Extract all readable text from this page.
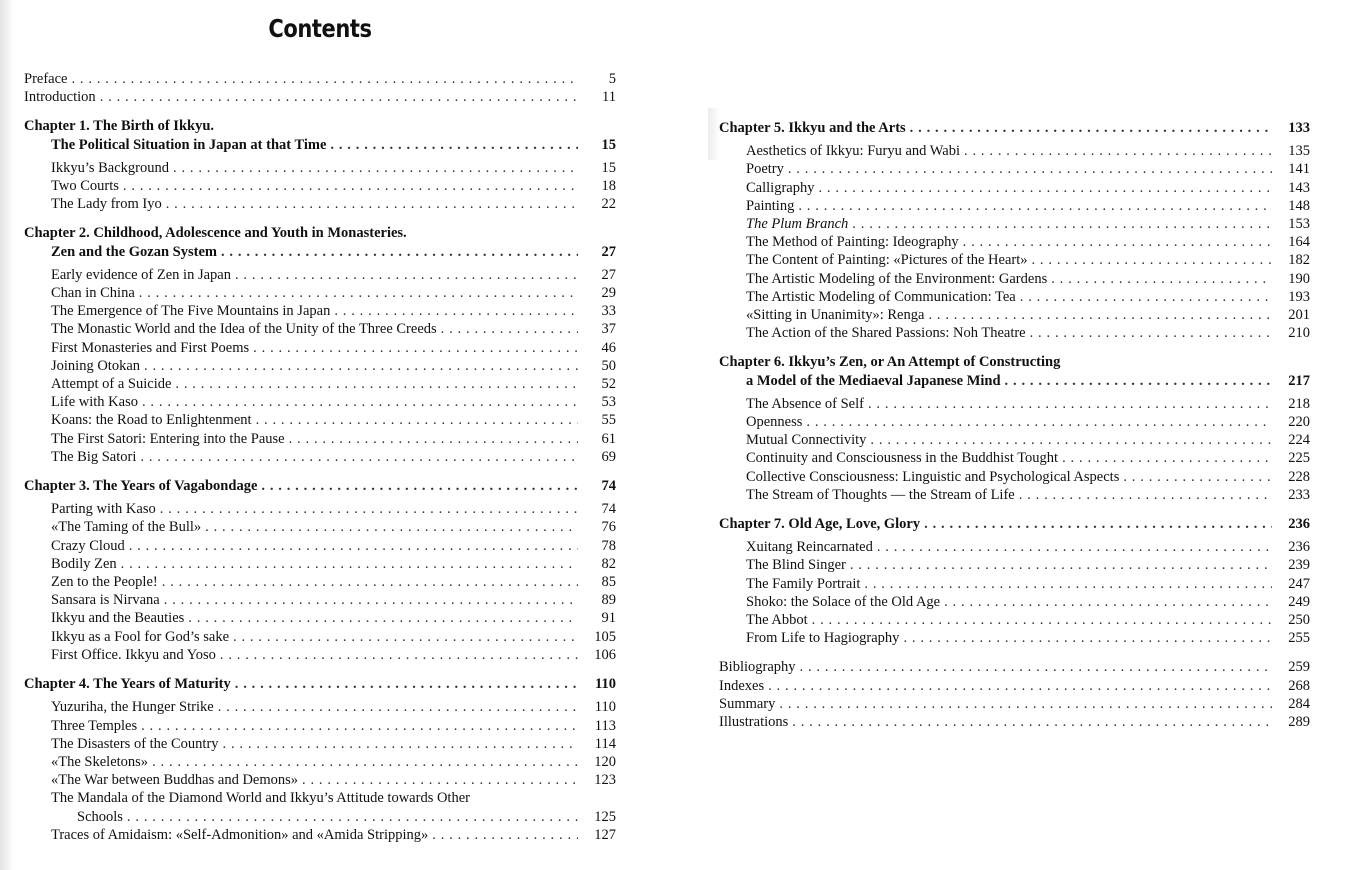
Contents
Preface . . .	5
Introduction . . .	11
Chapter 1. The Birth of Ikkyu.
The Political Situation in Japan at that Time . . .	15
Ikkyu’s Background . . .	15
Two Courts . . .	18
The Lady from Iyo . . .	22
Chapter 2. Childhood, Adolescence and Youth in Monasteries.
Zen and the Gozan System . . .	27
Early evidence of Zen in Japan . . .	27
Chan in China . . .	29
The Emergence of The Five Mountains in Japan . . .	33
The Monastic World and the Idea of the Unity of the Three Creeds . . .	37
First Monasteries and First Poems . . .	46
Joining Otokan . . .	50
Attempt of a Suicide . . .	52
Life with Kaso . . .	53
Koans: the Road to Enlightenment . . .	55
The First Satori: Entering into the Pause . . .	61
The Big Satori . . .	69
Chapter 3. The Years of Vagabondage . . .	74
Parting with Kaso . . .	74
«The Taming of the Bull» . . .	76
Crazy Cloud . . .	78
Bodily Zen . . .	82
Zen to the People! . . .	85
Sansara is Nirvana . . .	89
Ikkyu and the Beauties . . .	91
Ikkyu as a Fool for God’s sake . . .	105
First Office. Ikkyu and Yoso . . .	106
Chapter 4. The Years of Maturity . . .	110
Yuzuriha, the Hunger Strike . . .	110
Three Temples . . .	113
The Disasters of the Country . . .	114
«The Skeletons» . . .	120
«The War between Buddhas and Demons» . . .	123
The Mandala of the Diamond World and Ikkyu’s Attitude towards Other
Schools . . .	125
Traces of Amidaism: «Self-Admonition» and «Amida Stripping» . . .	127
Chapter 5. Ikkyu and the Arts . . .	133
Aesthetics of Ikkyu: Furyu and Wabi . . .	135
Poetry . . .	141
Calligraphy . . .	143
Painting . . .	148
The Plum Branch . . .	153
The Method of Painting: Ideography . . .	164
The Content of Painting: «Pictures of the Heart» . . .	182
The Artistic Modeling of the Environment: Gardens . . .	190
The Artistic Modeling of Communication: Tea . . .	193
«Sitting in Unanimity»: Renga . . .	201
The Action of the Shared Passions: Noh Theatre . . .	210
Chapter 6. Ikkyu’s Zen, or An Attempt of Constructing
a Model of the Mediaeval Japanese Mind . . .	217
The Absence of Self . . .	218
Openness . . .	220
Mutual Connectivity . . .	224
Continuity and Consciousness in the Buddhist Tought . . .	225
Collective Consciousness: Linguistic and Psychological Aspects . . .	228
The Stream of Thoughts — the Stream of Life . . .	233
Chapter 7. Old Age, Love, Glory . . .	236
Xuitang Reincarnated . . .	236
The Blind Singer . . .	239
The Family Portrait . . .	247
Shoko: the Solace of the Old Age . . .	249
The Abbot . . .	250
From Life to Hagiography . . .	255
Bibliography . . .	259
Indexes . . .	268
Summary . . .	284
Illustrations . . .	289
